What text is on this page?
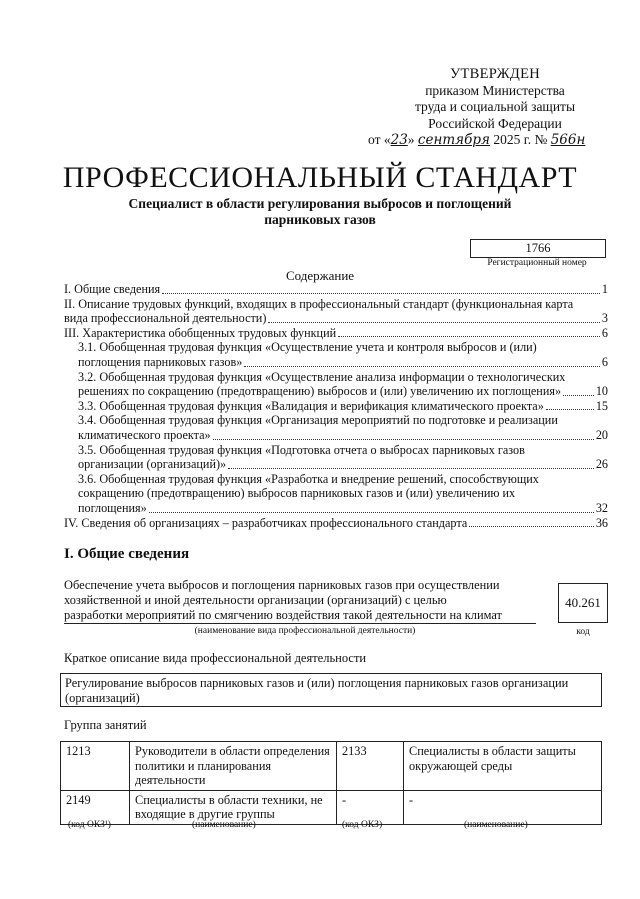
УТВЕРЖДЕН
приказом Министерства
труда и социальной защиты
Российской Федерации
от «23» сентября 2025 г. № 566н
ПРОФЕССИОНАЛЬНЫЙ СТАНДАРТ
Специалист в области регулирования выбросов и поглощений
парниковых газов
1766
Регистрационный номер
Содержание
I. Общие сведения	1
II. Описание трудовых функций, входящих в профессиональный стандарт (функциональная карта
вида профессиональной деятельности)	3
III. Характеристика обобщенных трудовых функций	6
3.1. Обобщенная трудовая функция «Осуществление учета и контроля выбросов и (или)
поглощения парниковых газов»	6
3.2. Обобщенная трудовая функция «Осуществление анализа информации о технологических
решениях по сокращению (предотвращению) выбросов и (или) увеличению их поглощения»	10
3.3. Обобщенная трудовая функция «Валидация и верификация климатического проекта»	15
3.4. Обобщенная трудовая функция «Организация мероприятий по подготовке и реализации
климатического проекта»	20
3.5. Обобщенная трудовая функция «Подготовка отчета о выбросах парниковых газов
организации (организаций)»	26
3.6. Обобщенная трудовая функция «Разработка и внедрение решений, способствующих
сокращению (предотвращению) выбросов парниковых газов и (или) увеличению их
поглощения»	32
IV. Сведения об организациях – разработчиках профессионального стандарта	36
I. Общие сведения
Обеспечение учета выбросов и поглощения парниковых газов при осуществлении
хозяйственной и иной деятельности организации (организаций) с целью
разработки мероприятий по смягчению воздействия такой деятельности на климат
(наименование вида профессиональной деятельности)
40.261
код
Краткое описание вида профессиональной деятельности
Регулирование выбросов парниковых газов и (или) поглощения парниковых газов организации (организаций)
Группа занятий
1213	Руководители в области определения политики и планирования деятельности	2133	Специалисты в области защиты окружающей среды
2149	Специалисты в области техники, не входящие в другие группы	-	-
(код ОКЗ¹)	(наименование)	(код ОКЗ)	(наименование)
